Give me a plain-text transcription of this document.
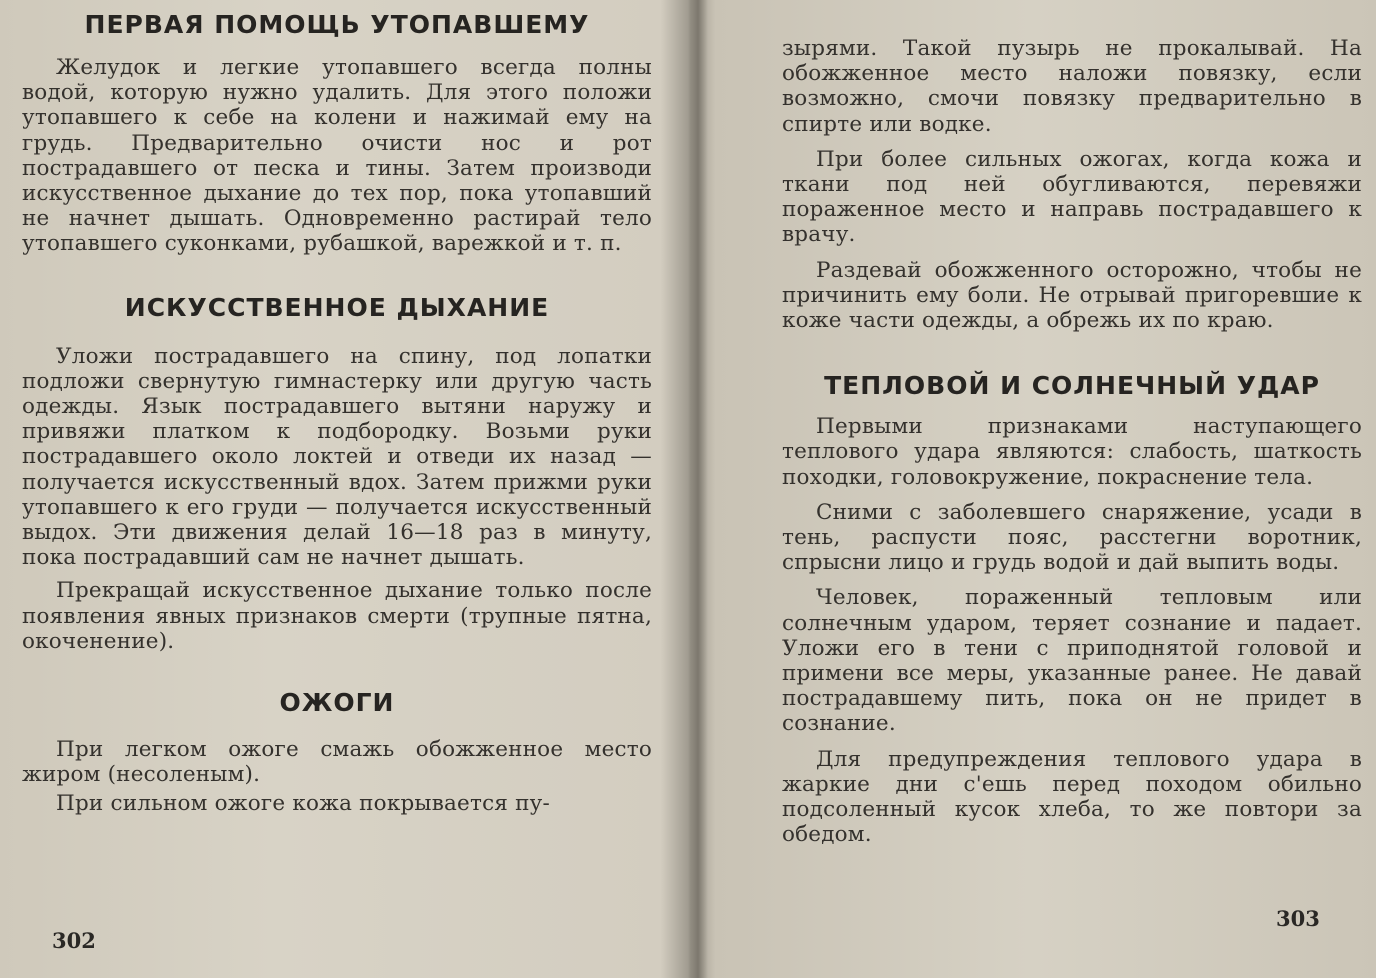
ПЕРВАЯ ПОМОЩЬ УТОПАВШЕМУ

Желудок и легкие утопавшего всегда полны водой, которую нужно удалить. Для этого положи утопавшего к себе на колени и нажимай ему на грудь. Предварительно очисти нос и рот пострадавшего от песка и тины. Затем производи искусственное дыхание до тех пор, пока утопавший не начнет дышать. Одновременно растирай тело утопавшего суконками, рубашкой, варежкой и т. п.

ИСКУССТВЕННОЕ ДЫХАНИЕ

Уложи пострадавшего на спину, под лопатки подложи свернутую гимнастерку или другую часть одежды. Язык пострадавшего вытяни наружу и привяжи платком к подбородку. Возьми руки пострадавшего около локтей и отведи их назад — получается искусственный вдох. Затем прижми руки утопавшего к его груди — получается искусственный выдох. Эти движения делай 16—18 раз в минуту, пока пострадавший сам не начнет дышать.

Прекращай искусственное дыхание только после появления явных признаков смерти (трупные пятна, окоченение).

ОЖОГИ

При легком ожоге смажь обожженное место жиром (несоленым).

При сильном ожоге кожа покрывается пу-

302

зырями. Такой пузырь не прокалывай. На обожженное место наложи повязку, если возможно, смочи повязку предварительно в спирте или водке.

При более сильных ожогах, когда кожа и ткани под ней обугливаются, перевяжи пораженное место и направь пострадавшего к врачу.

Раздевай обожженного осторожно, чтобы не причинить ему боли. Не отрывай пригоревшие к коже части одежды, а обрежь их по краю.

ТЕПЛОВОЙ И СОЛНЕЧНЫЙ УДАР

Первыми признаками наступающего теплового удара являются: слабость, шаткость походки, головокружение, покраснение тела.

Сними с заболевшего снаряжение, усади в тень, распусти пояс, расстегни воротник, спрысни лицо и грудь водой и дай выпить воды.

Человек, пораженный тепловым или солнечным ударом, теряет сознание и падает. Уложи его в тени с приподнятой головой и примени все меры, указанные ранее. Не давай пострадавшему пить, пока он не придет в сознание.

Для предупреждения теплового удара в жаркие дни с'ешь перед походом обильно подсоленный кусок хлеба, то же повтори за обедом.

303
